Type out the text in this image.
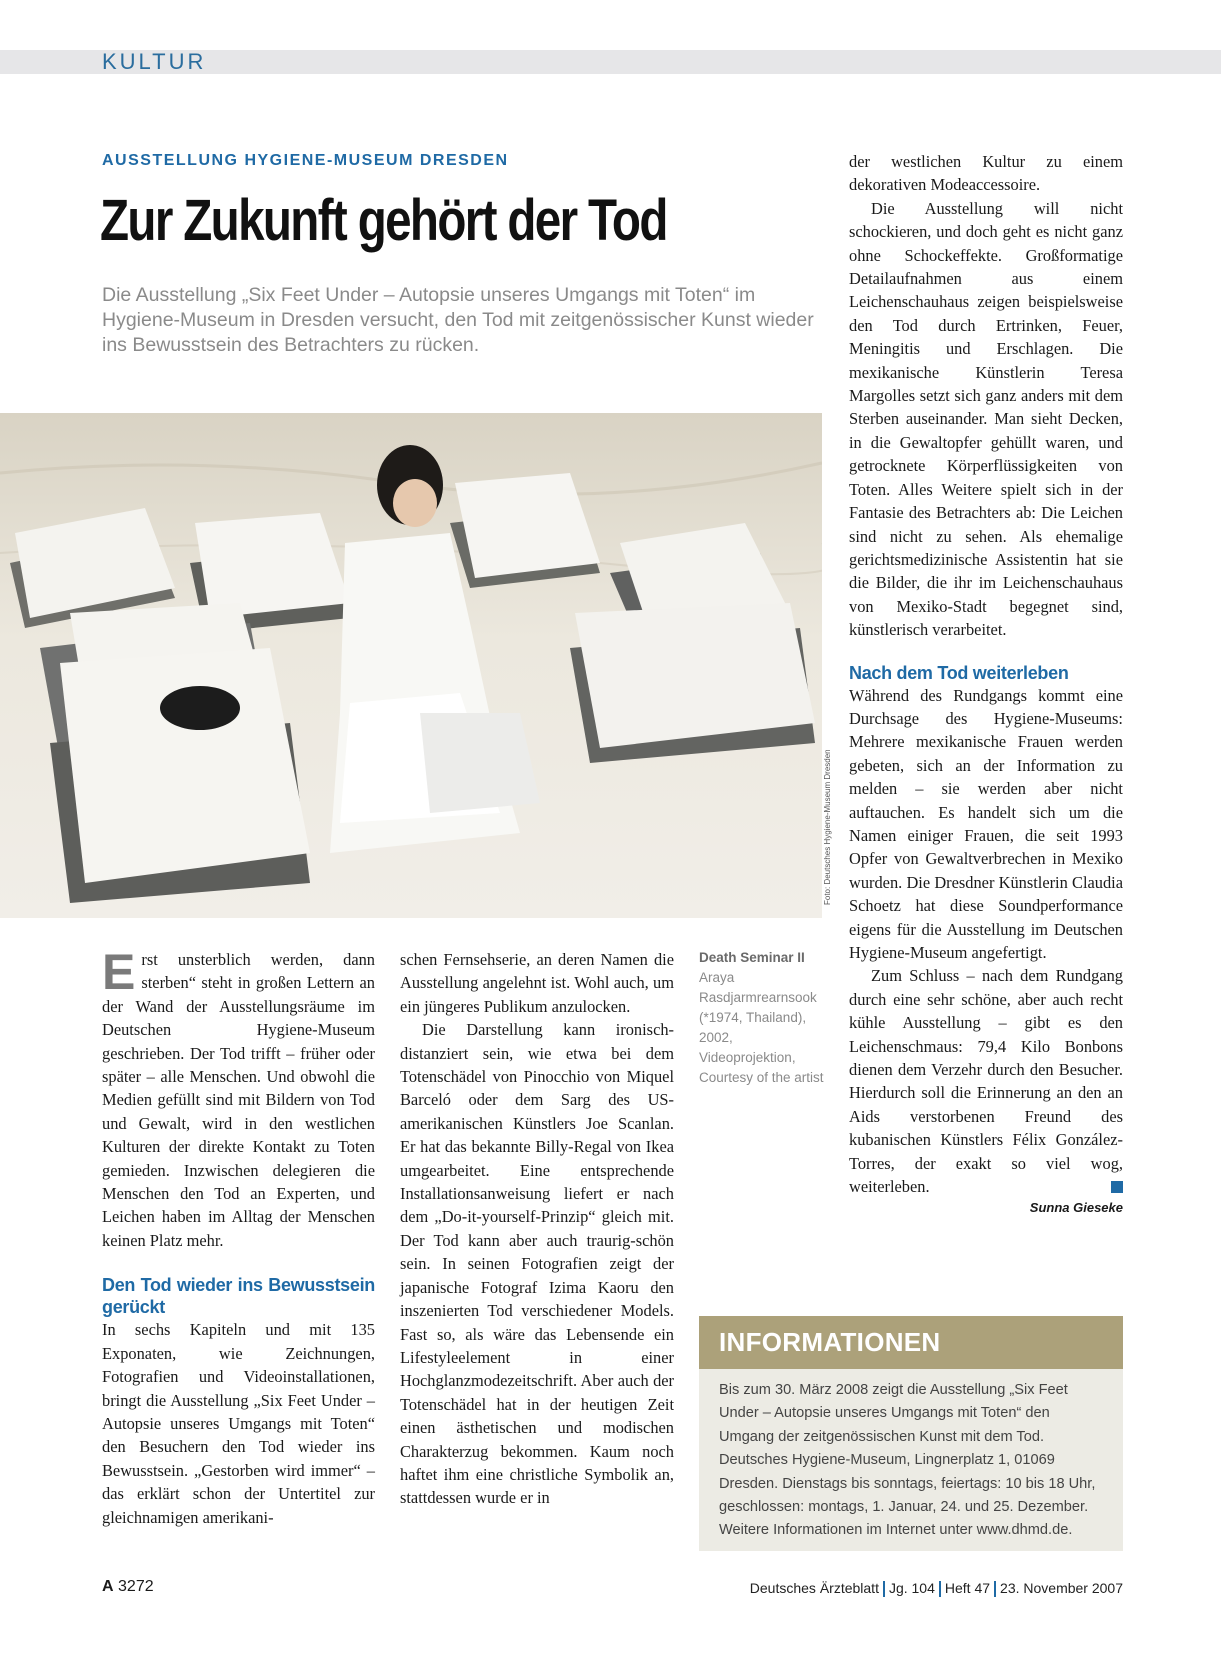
KULTUR
AUSSTELLUNG HYGIENE-MUSEUM DRESDEN
Zur Zukunft gehört der Tod

Die Ausstellung „Six Feet Under – Autopsie unseres Umgangs mit Toten“ im Hygiene-Museum in Dresden versucht, den Tod mit zeitgenössischer Kunst wieder ins Bewusstsein des Betrachters zu rücken.

Foto: Deutsches Hygiene-Museum Dresden

Erst unsterblich werden, dann sterben“ steht in großen Lettern an der Wand der Ausstellungsräume im Deutschen Hygiene-Museum geschrieben. Der Tod trifft – früher oder später – alle Menschen. Und obwohl die Medien gefüllt sind mit Bildern von Tod und Gewalt, wird in den westlichen Kulturen der direkte Kontakt zu Toten gemieden. Inzwischen delegieren die Menschen den Tod an Experten, und Leichen haben im Alltag der Menschen keinen Platz mehr.

Den Tod wieder ins Bewusstsein gerückt

In sechs Kapiteln und mit 135 Exponaten, wie Zeichnungen, Fotografien und Videoinstallationen, bringt die Ausstellung „Six Feet Under – Autopsie unseres Umgangs mit Toten“ den Besuchern den Tod wieder ins Bewusstsein. „Gestorben wird immer“ – das erklärt schon der Untertitel zur gleichnamigen amerikani-

schen Fernsehserie, an deren Namen die Ausstellung angelehnt ist. Wohl auch, um ein jüngeres Publikum anzulocken.

Die Darstellung kann ironisch-distanziert sein, wie etwa bei dem Totenschädel von Pinocchio von Miquel Barceló oder dem Sarg des US-amerikanischen Künstlers Joe Scanlan. Er hat das bekannte Billy-Regal von Ikea umgearbeitet. Eine entsprechende Installationsanweisung liefert er nach dem „Do-it-yourself-Prinzip“ gleich mit. Der Tod kann aber auch traurig-schön sein. In seinen Fotografien zeigt der japanische Fotograf Izima Kaoru den inszenierten Tod verschiedener Models. Fast so, als wäre das Lebensende ein Lifestyleelement in einer Hochglanzmodezeitschrift. Aber auch der Totenschädel hat in der heutigen Zeit einen ästhetischen und modischen Charakterzug bekommen. Kaum noch haftet ihm eine christliche Symbolik an, stattdessen wurde er in

Death Seminar II
Araya Rasdjarmrearnsook (*1974, Thailand), 2002, Videoprojektion, Courtesy of the artist

der westlichen Kultur zu einem dekorativen Modeaccessoire.

Die Ausstellung will nicht schockieren, und doch geht es nicht ganz ohne Schockeffekte. Großformatige Detailaufnahmen aus einem Leichenschauhaus zeigen beispielsweise den Tod durch Ertrinken, Feuer, Meningitis und Erschlagen. Die mexikanische Künstlerin Teresa Margolles setzt sich ganz anders mit dem Sterben auseinander. Man sieht Decken, in die Gewaltopfer gehüllt waren, und getrocknete Körperflüssigkeiten von Toten. Alles Weitere spielt sich in der Fantasie des Betrachters ab: Die Leichen sind nicht zu sehen. Als ehemalige gerichtsmedizinische Assistentin hat sie die Bilder, die ihr im Leichenschauhaus von Mexiko-Stadt begegnet sind, künstlerisch verarbeitet.

Nach dem Tod weiterleben

Während des Rundgangs kommt eine Durchsage des Hygiene-Museums: Mehrere mexikanische Frauen werden gebeten, sich an der Information zu melden – sie werden aber nicht auftauchen. Es handelt sich um die Namen einiger Frauen, die seit 1993 Opfer von Gewaltverbrechen in Mexiko wurden. Die Dresdner Künstlerin Claudia Schoetz hat diese Soundperformance eigens für die Ausstellung im Deutschen Hygiene-Museum angefertigt.

Zum Schluss – nach dem Rundgang durch eine sehr schöne, aber auch recht kühle Ausstellung – gibt es den Leichenschmaus: 79,4 Kilo Bonbons dienen dem Verzehr durch den Besucher. Hierdurch soll die Erinnerung an den an Aids verstorbenen Freund des kubanischen Künstlers Félix González-Torres, der exakt so viel wog, weiterleben.

Sunna Gieseke
INFORMATIONEN

Bis zum 30. März 2008 zeigt die Ausstellung „Six Feet Under – Autopsie unseres Umgangs mit Toten“ den Umgang der zeitgenössischen Kunst mit dem Tod. Deutsches Hygiene-Museum, Lingnerplatz 1, 01069 Dresden. Dienstags bis sonntags, feiertags: 10 bis 18 Uhr, geschlossen: montags, 1. Januar, 24. und 25. Dezember. Weitere Informationen im Internet unter www.dhmd.de.

A 3272	Deutsches Ärzteblatt Jg. 104 Heft 47 23. November 2007
